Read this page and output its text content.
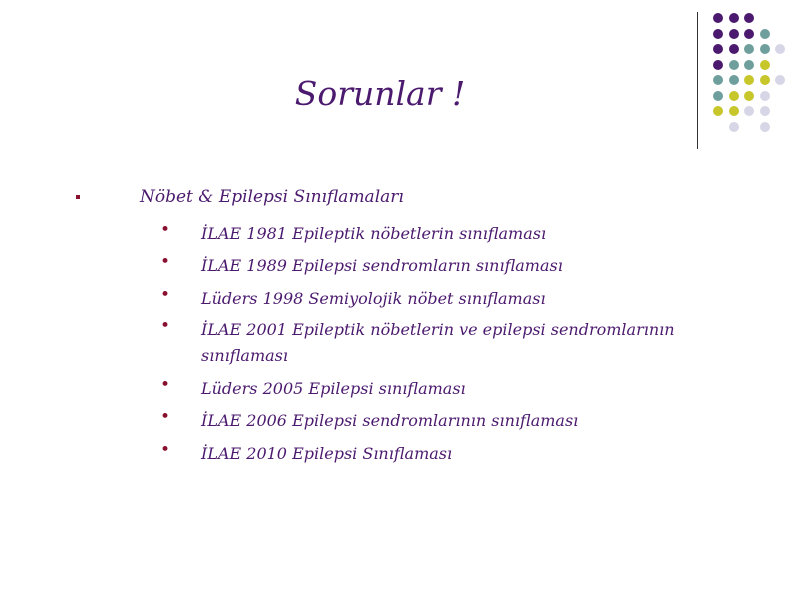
Sorunlar !
Nöbet & Epilepsi Sınıflamaları
• İLAE 1981 Epileptik nöbetlerin sınıflaması
• İLAE 1989 Epilepsi sendromların sınıflaması
• Lüders 1998 Semiyolojik nöbet sınıflaması
• İLAE 2001 Epileptik nöbetlerin ve epilepsi sendromlarının sınıflaması
• Lüders 2005 Epilepsi sınıflaması
• İLAE 2006 Epilepsi sendromlarının sınıflaması
• İLAE 2010 Epilepsi Sınıflaması
